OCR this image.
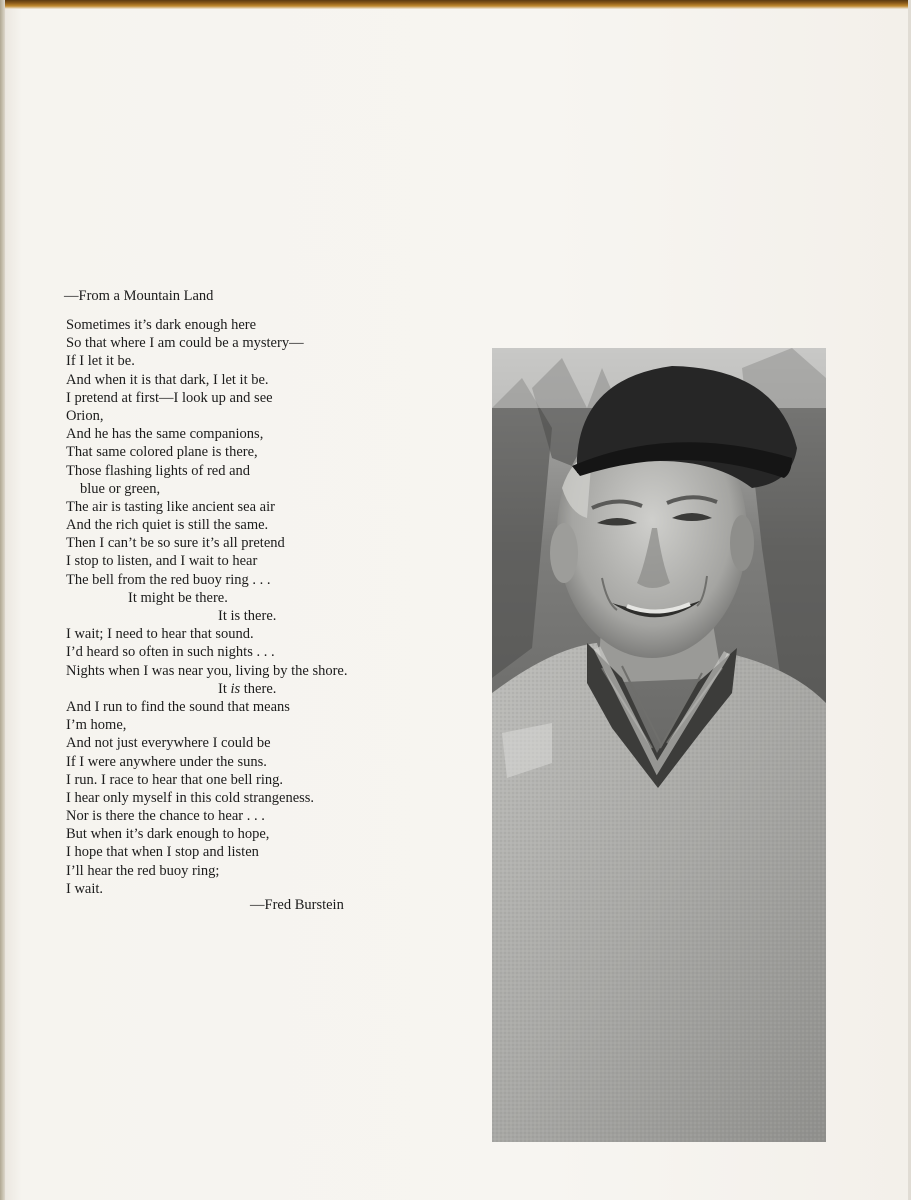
—From a Mountain Land
Sometimes it’s dark enough here
So that where I am could be a mystery—
If I let it be.
And when it is that dark, I let it be.
I pretend at first—I look up and see
Orion,
And he has the same companions,
That same colored plane is there,
Those flashing lights of red and
blue or green,
The air is tasting like ancient sea air
And the rich quiet is still the same.
Then I can’t be so sure it’s all pretend
I stop to listen, and I wait to hear
The bell from the red buoy ring . . .
It might be there.
It is there.
I wait; I need to hear that sound.
I’d heard so often in such nights . . .
Nights when I was near you, living by the shore.
It is there.
And I run to find the sound that means
I’m home,
And not just everywhere I could be
If I were anywhere under the suns.
I run. I race to hear that one bell ring.
I hear only myself in this cold strangeness.
Nor is there the chance to hear . . .
But when it’s dark enough to hope,
I hope that when I stop and listen
I’ll hear the red buoy ring;
I wait.
—Fred Burstein
